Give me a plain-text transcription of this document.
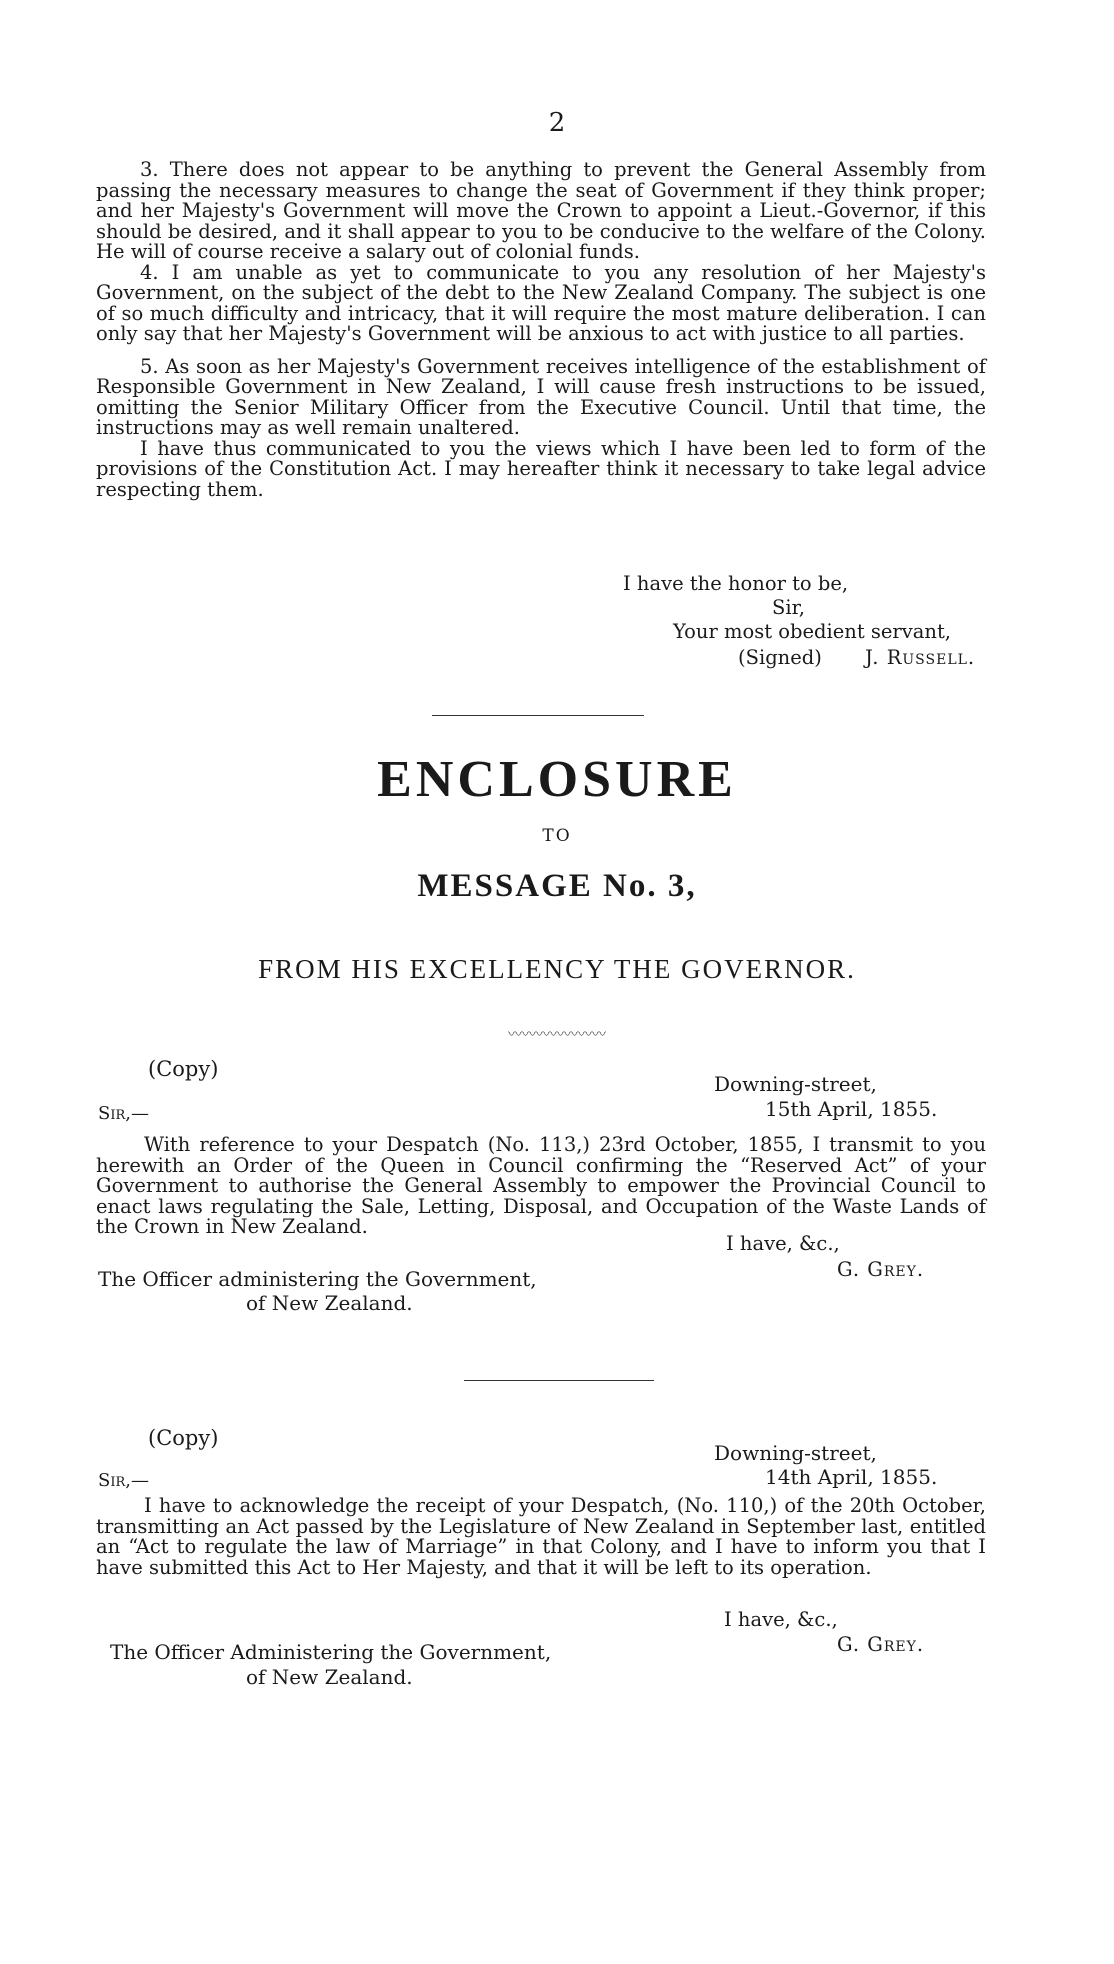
2

3. There does not appear to be anything to prevent the General Assembly from passing the necessary measures to change the seat of Government if they think proper; and her Majesty's Government will move the Crown to appoint a Lieut.-Governor, if this should be desired, and it shall appear to you to be conducive to the welfare of the Colony. He will of course receive a salary out of colonial funds.

4. I am unable as yet to communicate to you any resolution of her Majesty's Government, on the subject of the debt to the New Zealand Company. The subject is one of so much difficulty and intricacy, that it will require the most mature deliberation. I can only say that her Majesty's Government will be anxious to act with justice to all parties.

5. As soon as her Majesty's Government receives intelligence of the establishment of Responsible Government in New Zealand, I will cause fresh instructions to be issued, omitting the Senior Military Officer from the Executive Council. Until that time, the instructions may as well remain unaltered.

I have thus communicated to you the views which I have been led to form of the provisions of the Constitution Act. I may hereafter think it necessary to take legal advice respecting them.

I have the honor to be,
Sir,
Your most obedient servant,
(Signed) J. Russell.
ENCLOSURE
TO
MESSAGE No. 3,
FROM HIS EXCELLENCY THE GOVERNOR.
〰〰〰〰〰〰〰
(Copy)
Downing-street,
15th April, 1855.
Sir,—

With reference to your Despatch (No. 113,) 23rd October, 1855, I transmit to you herewith an Order of the Queen in Council confirming the “Reserved Act” of your Government to authorise the General Assembly to empower the Provincial Council to enact laws regulating the Sale, Letting, Disposal, and Occupation of the Waste Lands of the Crown in New Zealand.

I have, &c.,
G. Grey.
The Officer administering the Government,
of New Zealand.
(Copy)
Downing-street,
14th April, 1855.
Sir,—

I have to acknowledge the receipt of your Despatch, (No. 110,) of the 20th October, transmitting an Act passed by the Legislature of New Zealand in September last, entitled an “Act to regulate the law of Marriage” in that Colony, and I have to inform you that I have submitted this Act to Her Majesty, and that it will be left to its operation.

I have, &c.,
G. Grey.
The Officer Administering the Government,
of New Zealand.
